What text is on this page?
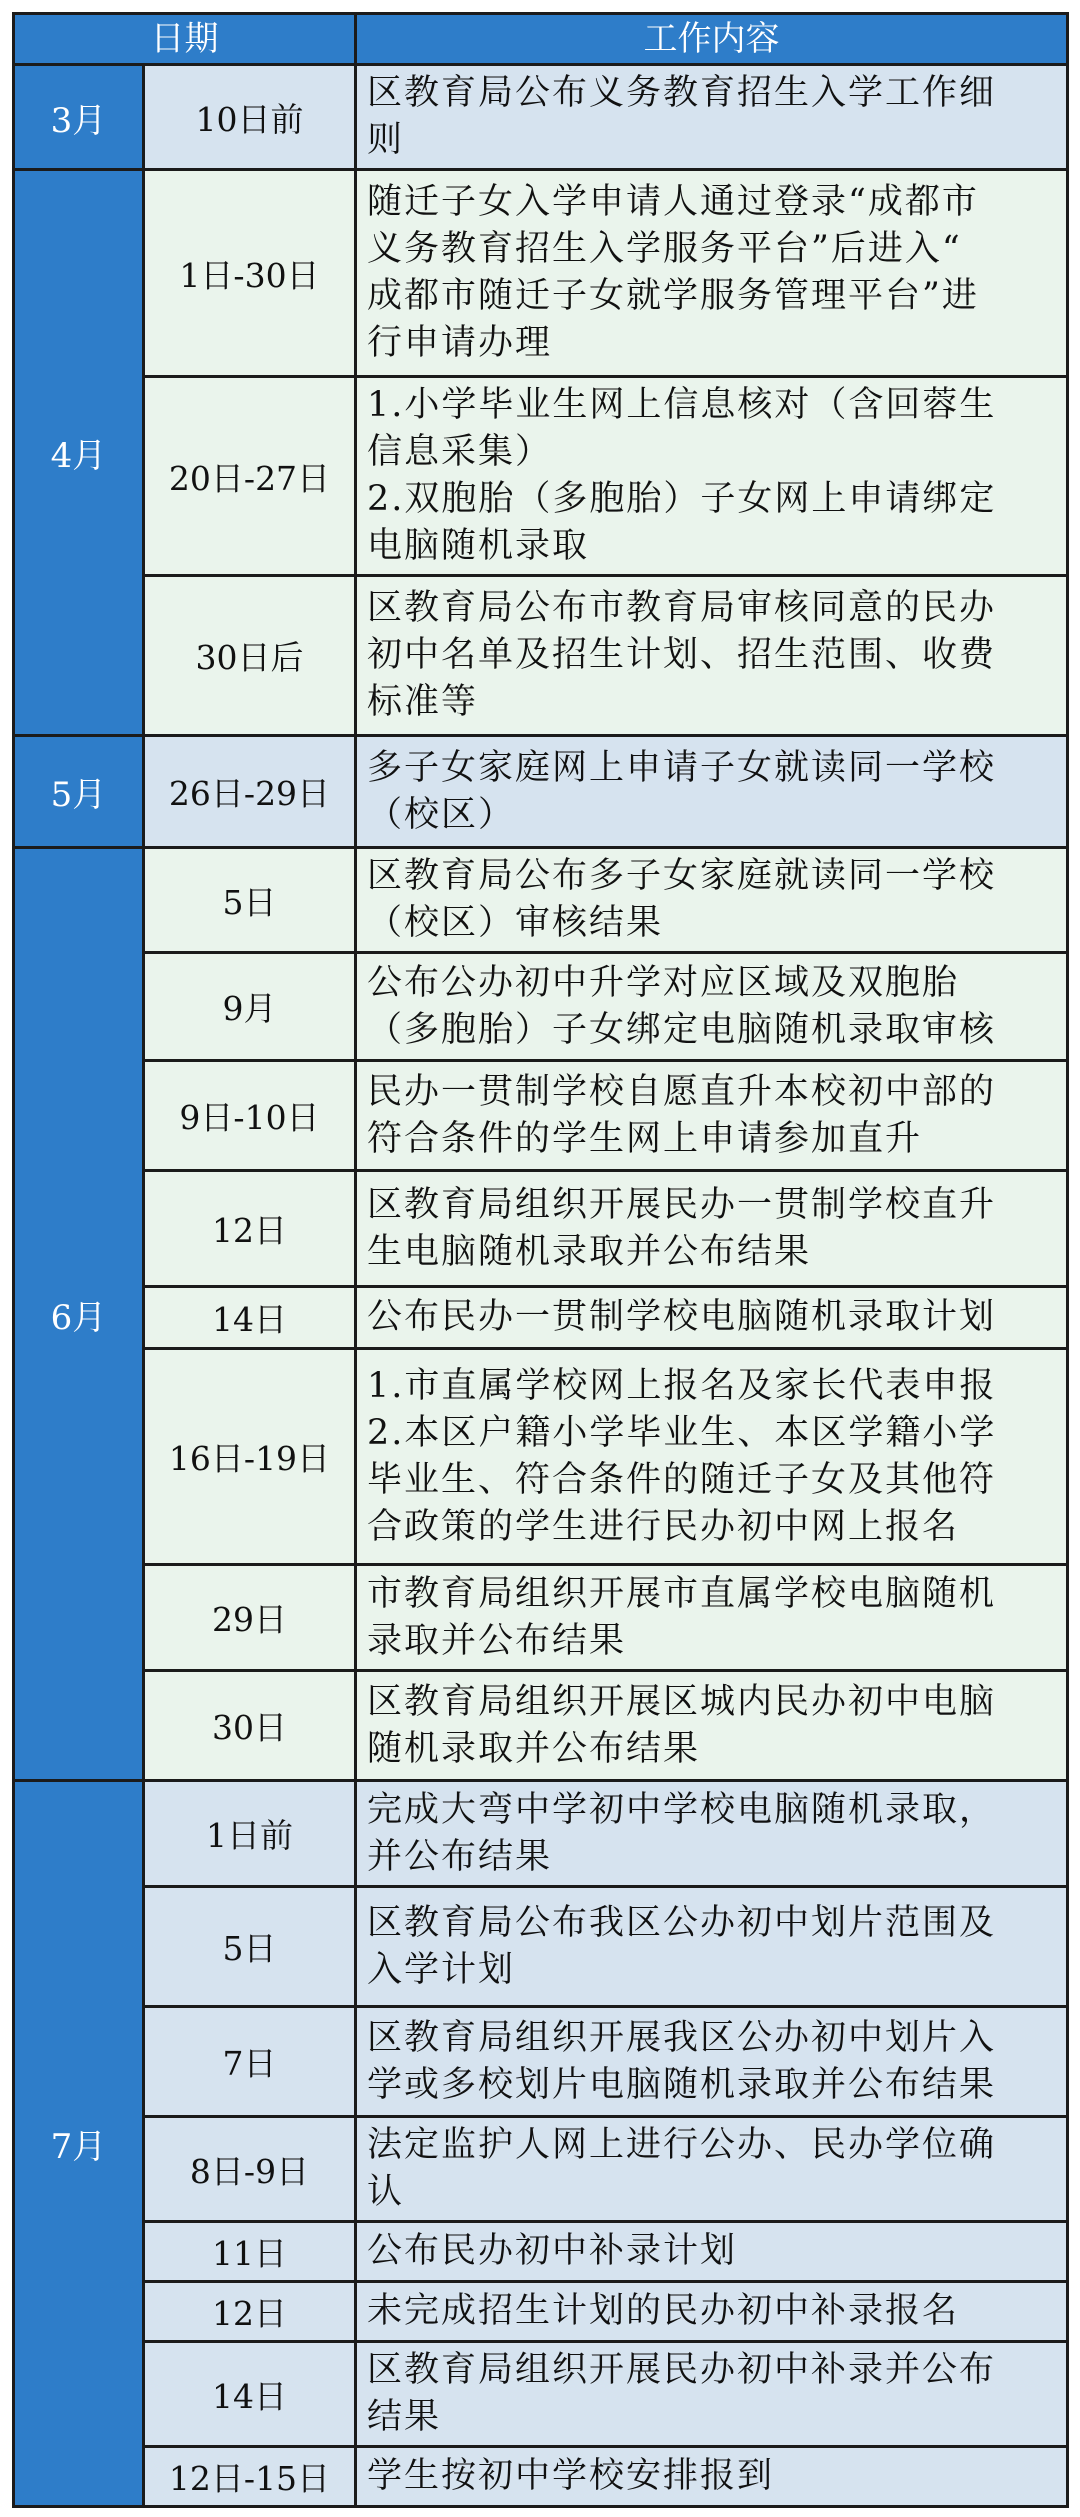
日期		工作内容
3月	10日前	区教育局公布义务教育招生入学工作细
则

4月	1日-30日	随迁子女入学申请人通过登录“成都市
义务教育招生入学服务平台”后进入“
成都市随迁子女就学服务管理平台”进
行申请办理

	20日-27日	1.小学毕业生网上信息核对（含回蓉生
信息采集）
2.双胞胎（多胞胎）子女网上申请绑定
电脑随机录取

	30日后	区教育局公布市教育局审核同意的民办
初中名单及招生计划、招生范围、收费
标准等

5月	26日-29日	多子女家庭网上申请子女就读同一学校
（校区）

6月	5日	区教育局公布多子女家庭就读同一学校
（校区）审核结果

	9月	公布公办初中升学对应区域及双胞胎
（多胞胎）子女绑定电脑随机录取审核

	9日-10日	民办一贯制学校自愿直升本校初中部的
符合条件的学生网上申请参加直升

	12日	区教育局组织开展民办一贯制学校直升
生电脑随机录取并公布结果

	14日	公布民办一贯制学校电脑随机录取计划

	16日-19日	1.市直属学校网上报名及家长代表申报
2.本区户籍小学毕业生、本区学籍小学
毕业生、符合条件的随迁子女及其他符
合政策的学生进行民办初中网上报名

	29日	市教育局组织开展市直属学校电脑随机
录取并公布结果

	30日	区教育局组织开展区城内民办初中电脑
随机录取并公布结果

7月	1日前	完成大弯中学初中学校电脑随机录取，
并公布结果

	5日	区教育局公布我区公办初中划片范围及
入学计划

	7日	区教育局组织开展我区公办初中划片入
学或多校划片电脑随机录取并公布结果

	8日-9日	法定监护人网上进行公办、民办学位确
认

	11日	公布民办初中补录计划

	12日	未完成招生计划的民办初中补录报名

	14日	区教育局组织开展民办初中补录并公布
结果

	12日-15日	学生按初中学校安排报到
